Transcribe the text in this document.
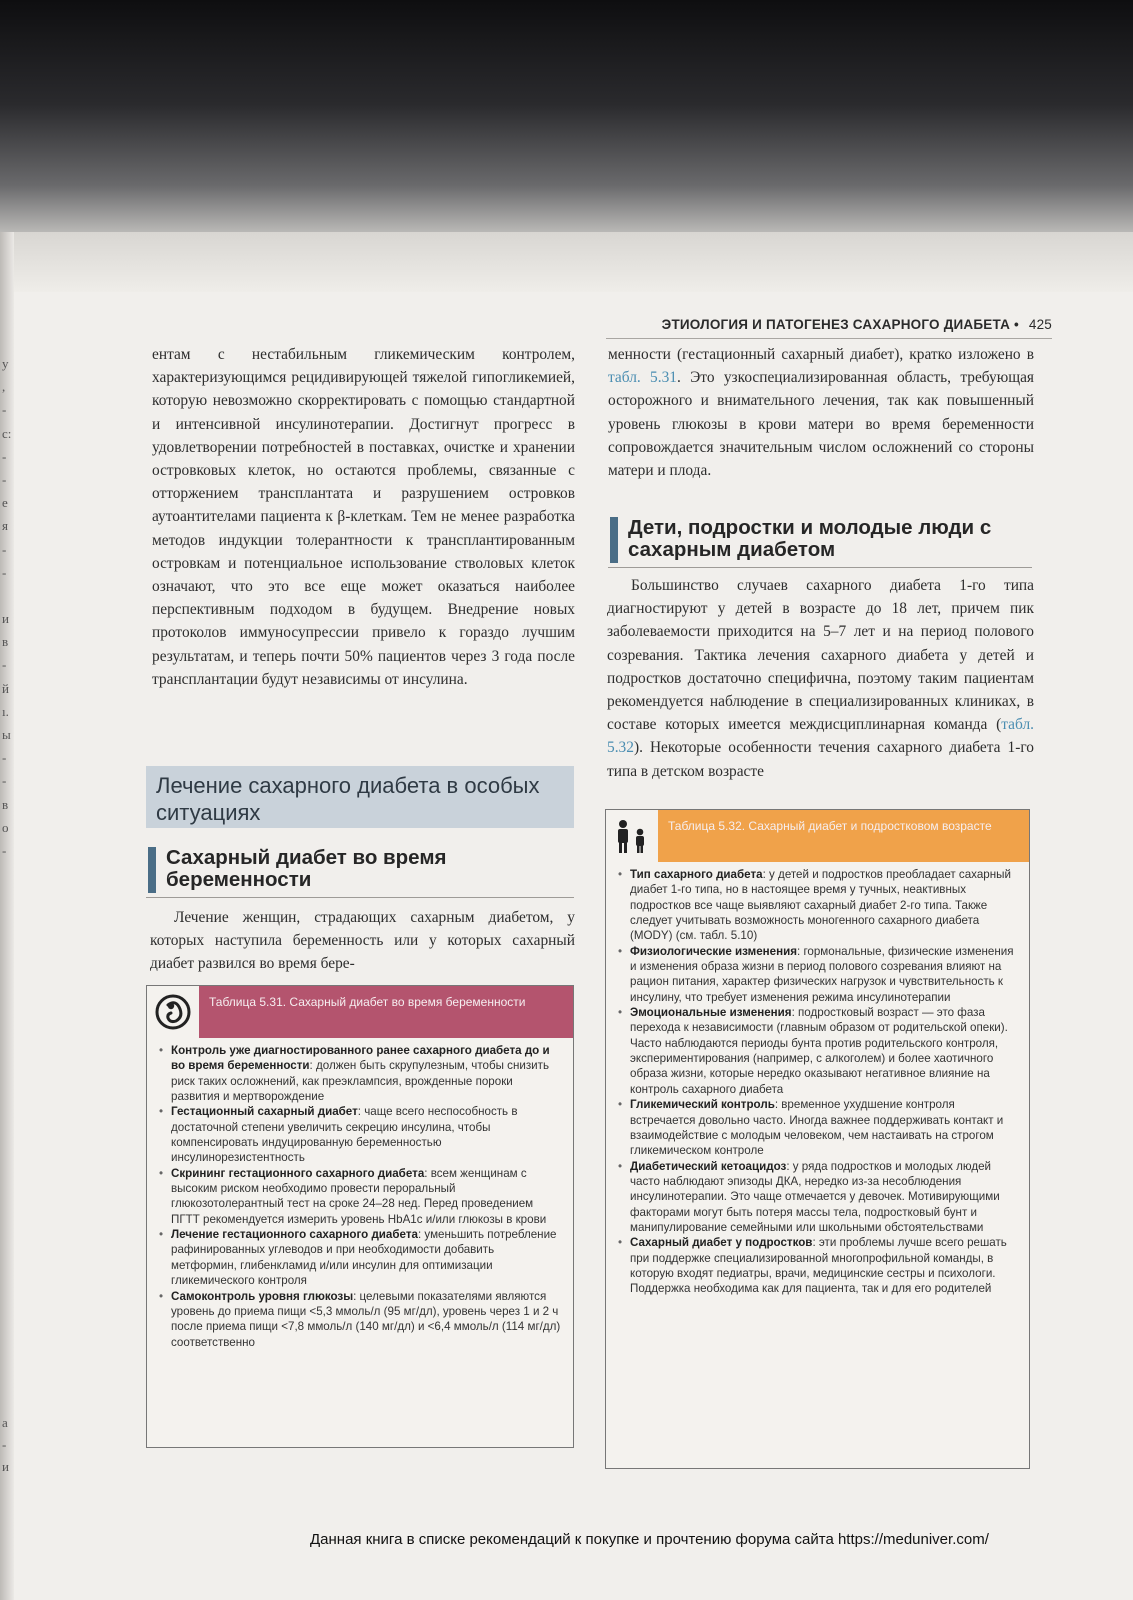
у
,
-
с:
-
-
е
я
-
-
и
в
-
й
ı.
ы
-
-
в
о
-
а
-
и
ЭТИОЛОГИЯ И ПАТОГЕНЕЗ САХАРНОГО ДИАБЕТА • 425

ентам с нестабильным гликемическим контролем, характеризующимся рецидивирующей тяжелой гипогликемией, которую невозможно скорректировать с помощью стандартной и интенсивной инсулинотерапии. Достигнут прогресс в удовлетворении потребностей в поставках, очистке и хранении островковых клеток, но остаются проблемы, связанные с отторжением трансплантата и разрушением островков аутоантителами пациента к β-клеткам. Тем не менее разработка методов индукции толерантности к трансплантированным островкам и потенциальное использование стволовых клеток означают, что это все еще может оказаться наиболее перспективным подходом в будущем. Внедрение новых протоколов иммуносупрессии привело к гораздо лучшим результатам, и теперь почти 50% пациентов через 3 года после трансплантации будут независимы от инсулина.

Лечение сахарного диабета в особых ситуациях
Сахарный диабет во время беременности

Лечение женщин, страдающих сахарным диабетом, у которых наступила беременность или у которых сахарный диабет развился во время бере-

Таблица 5.31. Сахарный диабет во время беременности
• Контроль уже диагностированного ранее сахарного диабета до и во время беременности: должен быть скрупулезным, чтобы снизить риск таких осложнений, как преэклампсия, врожденные пороки развития и мертворождение
• Гестационный сахарный диабет: чаще всего неспособность в достаточной степени увеличить секрецию инсулина, чтобы компенсировать индуцированную беременностью инсулинорезистентность
• Скрининг гестационного сахарного диабета: всем женщинам с высоким риском необходимо провести пероральный глюкозотолерантный тест на сроке 24–28 нед. Перед проведением ПГТТ рекомендуется измерить уровень HbA1c и/или глюкозы в крови
• Лечение гестационного сахарного диабета: уменьшить потребление рафинированных углеводов и при необходимости добавить метформин, глибенкламид и/или инсулин для оптимизации гликемического контроля
• Самоконтроль уровня глюкозы: целевыми показателями являются уровень до приема пищи <5,3 ммоль/л (95 мг/дл), уровень через 1 и 2 ч после приема пищи <7,8 ммоль/л (140 мг/дл) и <6,4 ммоль/л (114 мг/дл) соответственно

менности (гестационный сахарный диабет), кратко изложено в табл. 5.31. Это узкоспециализированная область, требующая осторожного и внимательного лечения, так как повышенный уровень глюкозы в крови матери во время беременности сопровождается значительным числом осложнений со стороны матери и плода.

Дети, подростки и молодые люди с сахарным диабетом

Большинство случаев сахарного диабета 1-го типа диагностируют у детей в возрасте до 18 лет, причем пик заболеваемости приходится на 5–7 лет и на период полового созревания. Тактика лечения сахарного диабета у детей и подростков достаточно специфична, поэтому таким пациентам рекомендуется наблюдение в специализированных клиниках, в составе которых имеется междисциплинарная команда (табл. 5.32). Некоторые особенности течения сахарного диабета 1-го типа в детском возрасте

Таблица 5.32. Сахарный диабет и подростковом возрасте
• Тип сахарного диабета: у детей и подростков преобладает сахарный диабет 1-го типа, но в настоящее время у тучных, неактивных подростков все чаще выявляют сахарный диабет 2-го типа. Также следует учитывать возможность моногенного сахарного диабета (MODY) (см. табл. 5.10)
• Физиологические изменения: гормональные, физические изменения и изменения образа жизни в период полового созревания влияют на рацион питания, характер физических нагрузок и чувствительность к инсулину, что требует изменения режима инсулинотерапии
• Эмоциональные изменения: подростковый возраст — это фаза перехода к независимости (главным образом от родительской опеки). Часто наблюдаются периоды бунта против родительского контроля, экспериментирования (например, с алкоголем) и более хаотичного образа жизни, которые нередко оказывают негативное влияние на контроль сахарного диабета
• Гликемический контроль: временное ухудшение контроля встречается довольно часто. Иногда важнее поддерживать контакт и взаимодействие с молодым человеком, чем настаивать на строгом гликемическом контроле
• Диабетический кетоацидоз: у ряда подростков и молодых людей часто наблюдают эпизоды ДКА, нередко из-за несоблюдения инсулинотерапии. Это чаще отмечается у девочек. Мотивирующими факторами могут быть потеря массы тела, подростковый бунт и манипулирование семейными или школьными обстоятельствами
• Сахарный диабет у подростков: эти проблемы лучше всего решать при поддержке специализированной многопрофильной команды, в которую входят педиатры, врачи, медицинские сестры и психологи. Поддержка необходима как для пациента, так и для его родителей
Данная книга в списке рекомендаций к покупке и прочтению форума сайта https://meduniver.com/
